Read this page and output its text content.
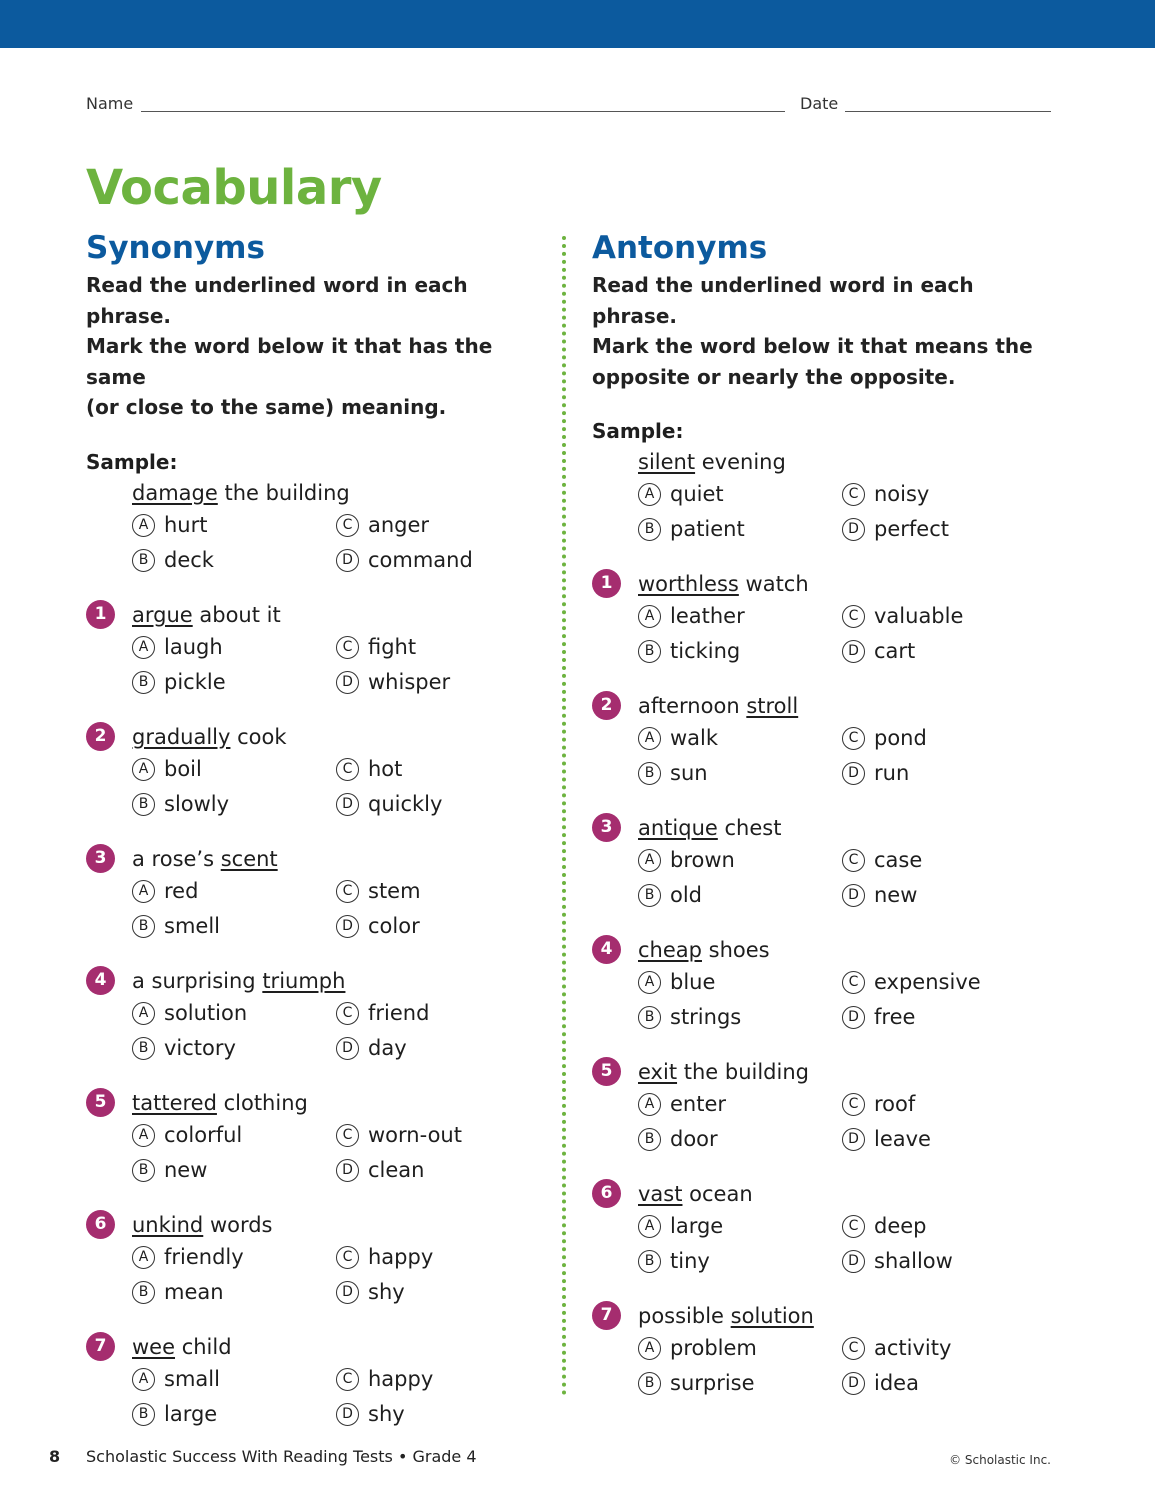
Name	Date
Vocabulary
Synonyms
Read the underlined word in each phrase.
Mark the word below it that has the same
(or close to the same) meaning.
Sample:
damage the building
A hurt	C anger
B deck	D command
1	argue about it
A laugh	C fight
B pickle	D whisper
2	gradually cook
A boil	C hot
B slowly	D quickly
3	a rose’s scent
A red	C stem
B smell	D color
4	a surprising triumph
A solution	C friend
B victory	D day
5	tattered clothing
A colorful	C worn-out
B new	D clean
6	unkind words
A friendly	C happy
B mean	D shy
7	wee child
A small	C happy
B large	D shy
Antonyms
Read the underlined word in each phrase.
Mark the word below it that means the
opposite or nearly the opposite.
Sample:
silent evening
A quiet	C noisy
B patient	D perfect
1	worthless watch
A leather	C valuable
B ticking	D cart
2	afternoon stroll
A walk	C pond
B sun	D run
3	antique chest
A brown	C case
B old	D new
4	cheap shoes
A blue	C expensive
B strings	D free
5	exit the building
A enter	C roof
B door	D leave
6	vast ocean
A large	C deep
B tiny	D shallow
7	possible solution
A problem	C activity
B surprise	D idea
8 Scholastic Success With Reading Tests • Grade 4	© Scholastic Inc.
